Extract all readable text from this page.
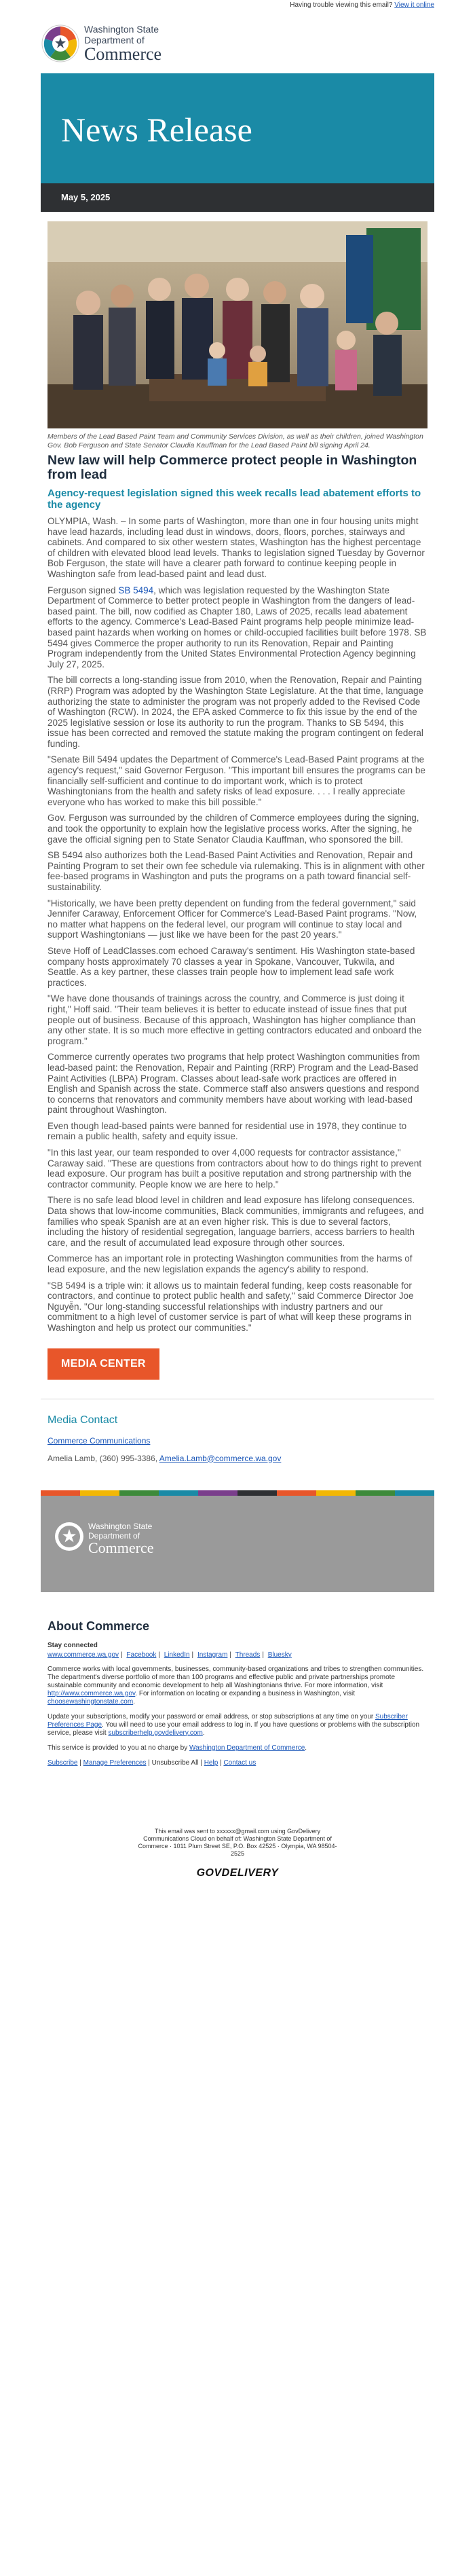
Having trouble viewing this email? View it online
Washington State
Department of
Commerce
News Release
May 5, 2025
Members of the Lead Based Paint Team and Community Services Division, as well as their children, joined Washington Gov. Bob Ferguson and State Senator Claudia Kauffman for the Lead Based Paint bill signing April 24.
New law will help Commerce protect people in Washington from lead
Agency-request legislation signed this week recalls lead abatement efforts to the agency

OLYMPIA, Wash. – In some parts of Washington, more than one in four housing units might have lead hazards, including lead dust in windows, doors, floors, porches, stairways and cabinets. And compared to six other western states, Washington has the highest percentage of children with elevated blood lead levels. Thanks to legislation signed Tuesday by Governor Bob Ferguson, the state will have a clearer path forward to continue keeping people in Washington safe from lead-based paint and lead dust.

Ferguson signed SB 5494, which was legislation requested by the Washington State Department of Commerce to better protect people in Washington from the dangers of lead-based paint. The bill, now codified as Chapter 180, Laws of 2025, recalls lead abatement efforts to the agency. Commerce's Lead-Based Paint programs help people minimize lead-based paint hazards when working on homes or child-occupied facilities built before 1978. SB 5494 gives Commerce the proper authority to run its Renovation, Repair and Painting Program independently from the United States Environmental Protection Agency beginning July 27, 2025.

The bill corrects a long-standing issue from 2010, when the Renovation, Repair and Painting (RRP) Program was adopted by the Washington State Legislature. At the that time, language authorizing the state to administer the program was not properly added to the Revised Code of Washington (RCW). In 2024, the EPA asked Commerce to fix this issue by the end of the 2025 legislative session or lose its authority to run the program. Thanks to SB 5494, this issue has been corrected and removed the statute making the program contingent on federal funding.

"Senate Bill 5494 updates the Department of Commerce's Lead-Based Paint programs at the agency's request," said Governor Ferguson. "This important bill ensures the programs can be financially self-sufficient and continue to do important work, which is to protect Washingtonians from the health and safety risks of lead exposure. . . . I really appreciate everyone who has worked to make this bill possible."

Gov. Ferguson was surrounded by the children of Commerce employees during the signing, and took the opportunity to explain how the legislative process works. After the signing, he gave the official signing pen to State Senator Claudia Kauffman, who sponsored the bill.

SB 5494 also authorizes both the Lead-Based Paint Activities and Renovation, Repair and Painting Program to set their own fee schedule via rulemaking. This is in alignment with other fee-based programs in Washington and puts the programs on a path toward financial self-sustainability.

"Historically, we have been pretty dependent on funding from the federal government," said Jennifer Caraway, Enforcement Officer for Commerce's Lead-Based Paint programs. "Now, no matter what happens on the federal level, our program will continue to stay local and support Washingtonians — just like we have been for the past 20 years."

Steve Hoff of LeadClasses.com echoed Caraway's sentiment. His Washington state-based company hosts approximately 70 classes a year in Spokane, Vancouver, Tukwila, and Seattle. As a key partner, these classes train people how to implement lead safe work practices.

"We have done thousands of trainings across the country, and Commerce is just doing it right," Hoff said. "Their team believes it is better to educate instead of issue fines that put people out of business. Because of this approach, Washington has higher compliance than any other state. It is so much more effective in getting contractors educated and onboard the program."

Commerce currently operates two programs that help protect Washington communities from lead-based paint: the Renovation, Repair and Painting (RRP) Program and the Lead-Based Paint Activities (LBPA) Program. Classes about lead-safe work practices are offered in English and Spanish across the state. Commerce staff also answers questions and respond to concerns that renovators and community members have about working with lead-based paint throughout Washington.

Even though lead-based paints were banned for residential use in 1978, they continue to remain a public health, safety and equity issue.

"In this last year, our team responded to over 4,000 requests for contractor assistance," Caraway said. "These are questions from contractors about how to do things right to prevent lead exposure. Our program has built a positive reputation and strong partnership with the contractor community. People know we are here to help."

There is no safe lead blood level in children and lead exposure has lifelong consequences. Data shows that low-income communities, Black communities, immigrants and refugees, and families who speak Spanish are at an even higher risk. This is due to several factors, including the history of residential segregation, language barriers, access barriers to health care, and the result of accumulated lead exposure through other sources.

Commerce has an important role in protecting Washington communities from the harms of lead exposure, and the new legislation expands the agency's ability to respond.

"SB 5494 is a triple win: it allows us to maintain federal funding, keep costs reasonable for contractors, and continue to protect public health and safety," said Commerce Director Joe Nguyễn. "Our long-standing successful relationships with industry partners and our commitment to a high level of customer service is part of what will keep these programs in Washington and help us protect our communities."

MEDIA CENTER
Media Contact
Commerce Communications
Amelia Lamb, (360) 995-3386, Amelia.Lamb@commerce.wa.gov
Washington State
Department of
Commerce
About Commerce
Stay connected
www.commerce.wa.gov | Facebook | LinkedIn | Instagram | Threads | Bluesky

Commerce works with local governments, businesses, community-based organizations and tribes to strengthen communities. The department's diverse portfolio of more than 100 programs and effective public and private partnerships promote sustainable community and economic development to help all Washingtonians thrive. For more information, visit http://www.commerce.wa.gov. For information on locating or expanding a business in Washington, visit choosewashingtonstate.com.

Update your subscriptions, modify your password or email address, or stop subscriptions at any time on your Subscriber Preferences Page. You will need to use your email address to log in. If you have questions or problems with the subscription service, please visit subscriberhelp.govdelivery.com.

This service is provided to you at no charge by Washington Department of Commerce.

Subscribe | Manage Preferences | Unsubscribe All | Help | Contact us
This email was sent to xxxxxx@gmail.com using GovDelivery
Communications Cloud on behalf of: Washington State Department of
Commerce · 1011 Plum Street SE, P.O. Box 42525 · Olympia, WA 98504-
2525
GOVDELIVERY
